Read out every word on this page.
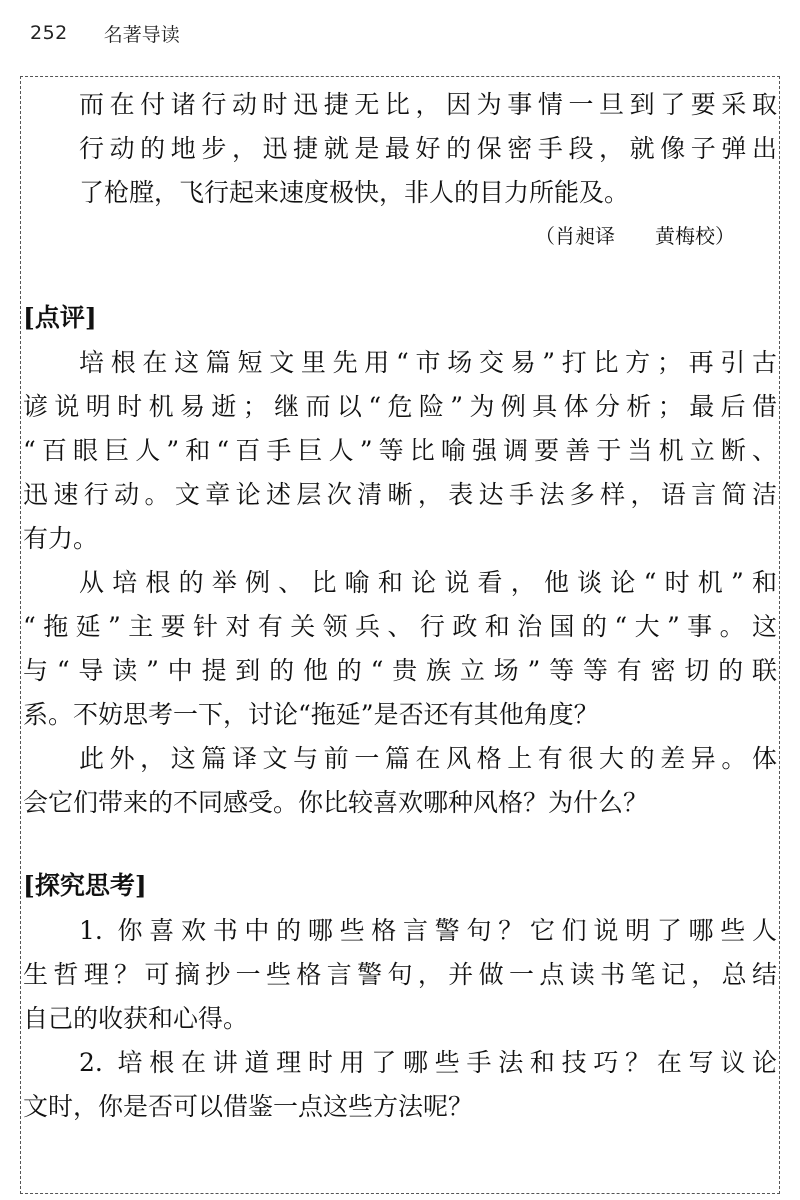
252 名著导读
而在付诸行动时迅捷无比，因为事情一旦到了要采取
行动的地步，迅捷就是最好的保密手段，就像子弹出
了枪膛，飞行起来速度极快，非人的目力所能及。
（肖昶译　　黄梅校）
[点评]
培根在这篇短文里先用“市场交易”打比方；再引古
谚说明时机易逝；继而以“危险”为例具体分析；最后借
“百眼巨人”和“百手巨人”等比喻强调要善于当机立断、
迅速行动。文章论述层次清晰，表达手法多样，语言简洁
有力。
从培根的举例、比喻和论说看，他谈论“时机”和
“拖延”主要针对有关领兵、行政和治国的“大”事。这
与“导读”中提到的他的“贵族立场”等等有密切的联
系。不妨思考一下，讨论“拖延”是否还有其他角度？
此外，这篇译文与前一篇在风格上有很大的差异。体
会它们带来的不同感受。你比较喜欢哪种风格？为什么？
[探究思考]
1. 你喜欢书中的哪些格言警句？它们说明了哪些人
生哲理？可摘抄一些格言警句，并做一点读书笔记，总结
自己的收获和心得。
2. 培根在讲道理时用了哪些手法和技巧？在写议论
文时，你是否可以借鉴一点这些方法呢？
